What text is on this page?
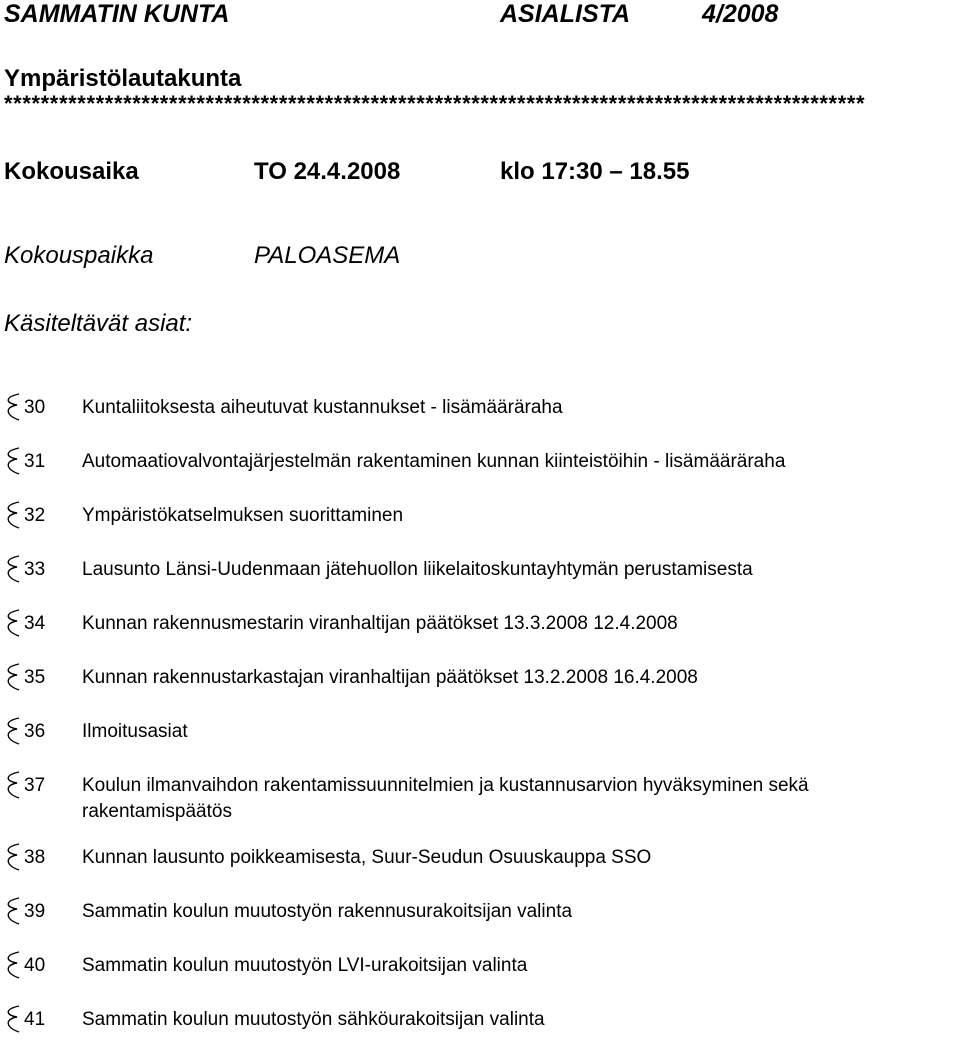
SAMMATIN KUNTA	ASIALISTA	4/2008
Ympäristölautakunta
**********************************************************************************************
Kokousaika	TO 24.4.2008	klo 17:30 – 18.55
Kokouspaikka	PALOASEMA
Käsiteltävät asiat:
30	Kuntaliitoksesta aiheutuvat kustannukset - lisämääräraha
31	Automaatiovalvontajärjestelmän rakentaminen kunnan kiinteistöihin - lisämääräraha
32	Ympäristökatselmuksen suorittaminen
33	Lausunto Länsi-Uudenmaan jätehuollon liikelaitoskuntayhtymän perustamisesta
34	Kunnan rakennusmestarin viranhaltijan päätökset 13.3.2008 12.4.2008
35	Kunnan rakennustarkastajan viranhaltijan päätökset 13.2.2008 16.4.2008
36	Ilmoitusasiat
37	Koulun ilmanvaihdon rakentamissuunnitelmien ja kustannusarvion hyväksyminen sekä rakentamispäätös
38	Kunnan lausunto poikkeamisesta, Suur-Seudun Osuuskauppa SSO
39	Sammatin koulun muutostyön rakennusurakoitsijan valinta
40	Sammatin koulun muutostyön LVI-urakoitsijan valinta
41	Sammatin koulun muutostyön sähköurakoitsijan valinta
